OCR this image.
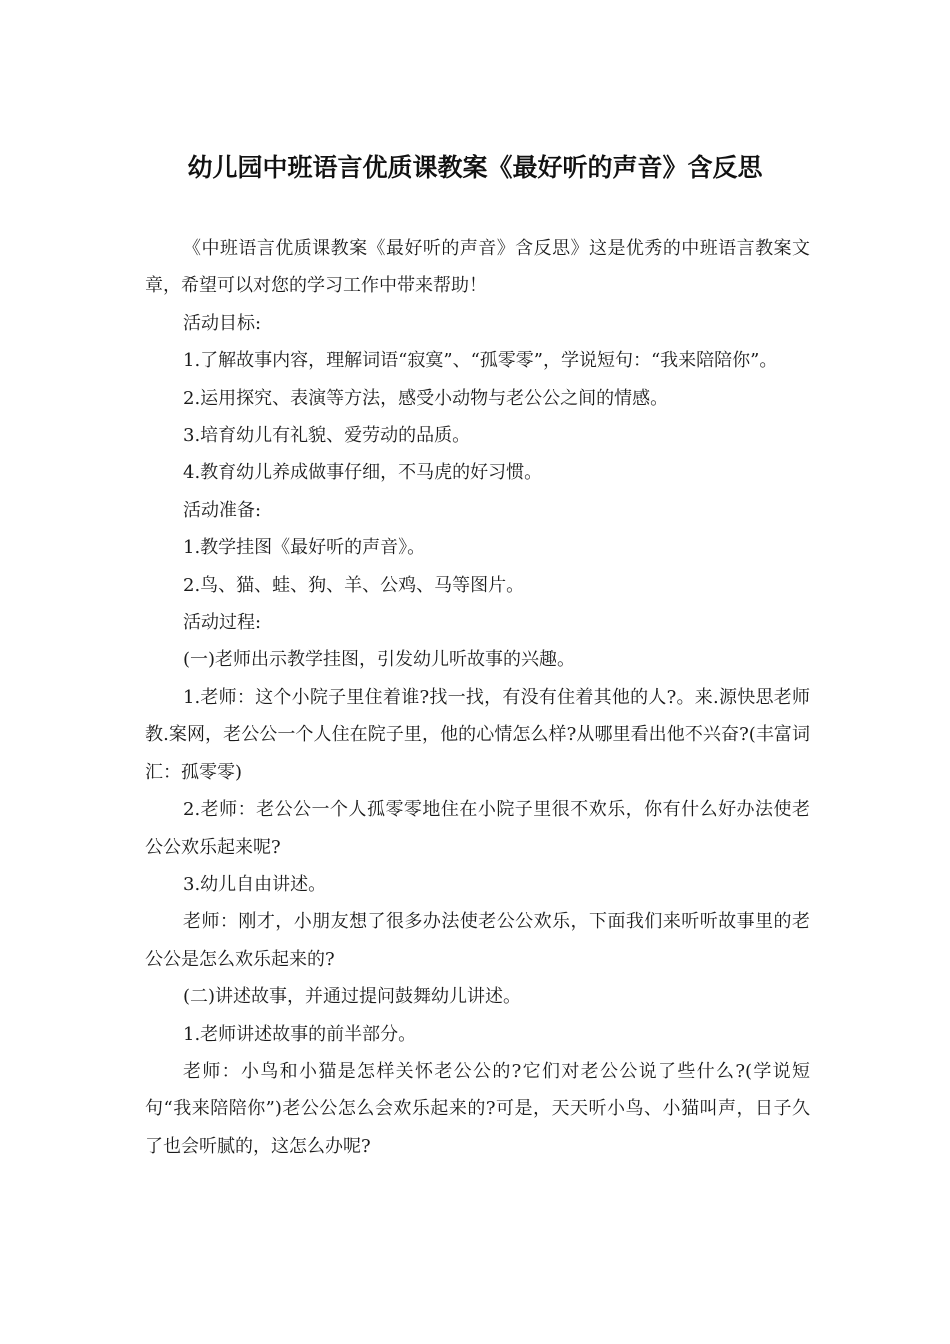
幼儿园中班语言优质课教案《最好听的声音》含反思

《中班语言优质课教案《最好听的声音》含反思》这是优秀的中班语言教案文章，希望可以对您的学习工作中带来帮助！

活动目标:

1.了解故事内容，理解词语“寂寞”、“孤零零”，学说短句：“我来陪陪你”。

2.运用探究、表演等方法，感受小动物与老公公之间的情感。

3.培育幼儿有礼貌、爱劳动的品质。

4.教育幼儿养成做事仔细，不马虎的好习惯。

活动准备:

1.教学挂图《最好听的声音》。

2.鸟、猫、蛙、狗、羊、公鸡、马等图片。

活动过程:

(一)老师出示教学挂图，引发幼儿听故事的兴趣。

1.老师：这个小院子里住着谁?找一找，有没有住着其他的人?。来.源快思老师教.案网，老公公一个人住在院子里，他的心情怎么样?从哪里看出他不兴奋?(丰富词汇：孤零零)

2.老师：老公公一个人孤零零地住在小院子里很不欢乐，你有什么好办法使老公公欢乐起来呢?

3.幼儿自由讲述。

老师：刚才，小朋友想了很多办法使老公公欢乐，下面我们来听听故事里的老公公是怎么欢乐起来的?

(二)讲述故事，并通过提问鼓舞幼儿讲述。

1.老师讲述故事的前半部分。

老师：小鸟和小猫是怎样关怀老公公的?它们对老公公说了些什么?(学说短句“我来陪陪你”)老公公怎么会欢乐起来的?可是，天天听小鸟、小猫叫声，日子久了也会听腻的，这怎么办呢?
